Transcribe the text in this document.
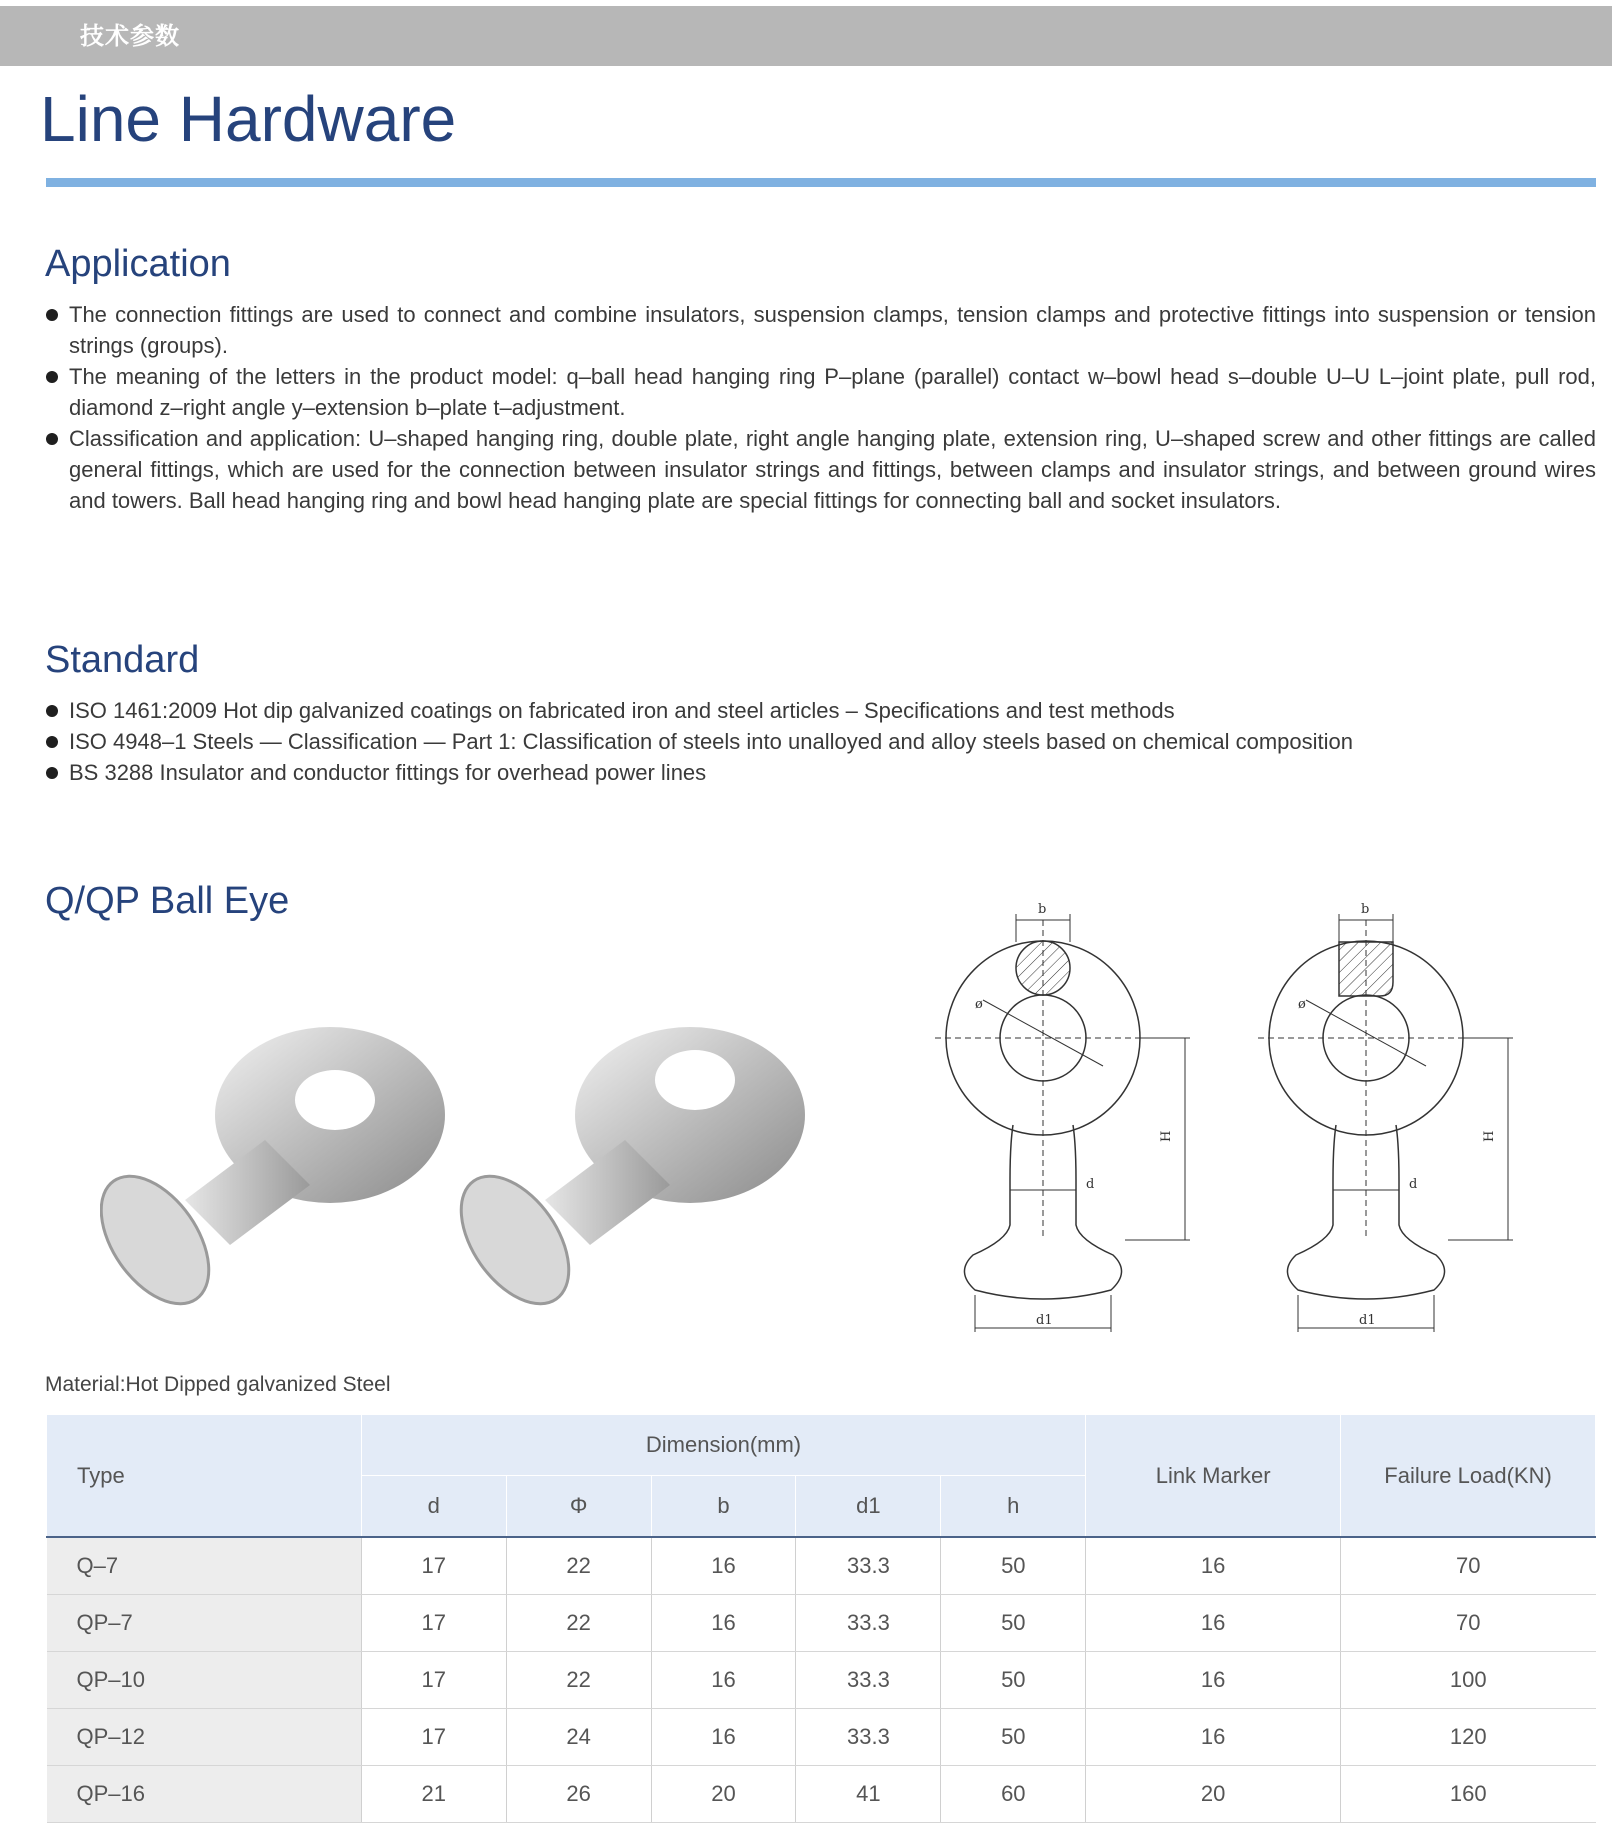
技术参数
Line Hardware
Application
The connection fittings are used to connect and combine insulators, suspension clamps, tension clamps and protective fittings into suspension or tension strings (groups).
The meaning of the letters in the product model: q–ball head hanging ring P–plane (parallel) contact w–bowl head s–double U–U L–joint plate, pull rod, diamond z–right angle y–extension b–plate t–adjustment.
Classification and application: U–shaped hanging ring, double plate, right angle hanging plate, extension ring, U–shaped screw and other fittings are called general fittings, which are used for the connection between insulator strings and fittings, between clamps and insulator strings, and between ground wires and towers. Ball head hanging ring and bowl head hanging plate are special fittings for connecting ball and socket insulators.
Standard
ISO 1461:2009 Hot dip galvanized coatings on fabricated iron and steel articles – Specifications and test methods
ISO 4948–1 Steels — Classification — Part 1: Classification of steels into unalloyed and alloy steels based on chemical composition
BS 3288 Insulator and conductor fittings for overhead power lines
Q/QP Ball Eye	b
ø
H
d
d1
b
ø
H
d
d1

Material:Hot Dipped galvanized Steel

Type	Dimension(mm)					Link Marker	Failure Load(KN)
	d	Φ	b	d1	h		
Q–7	17	22	16	33.3	50	16	70
QP–7	17	22	16	33.3	50	16	70
QP–10	17	22	16	33.3	50	16	100
QP–12	17	24	16	33.3	50	16	120
QP–16	21	26	20	41	60	20	160
